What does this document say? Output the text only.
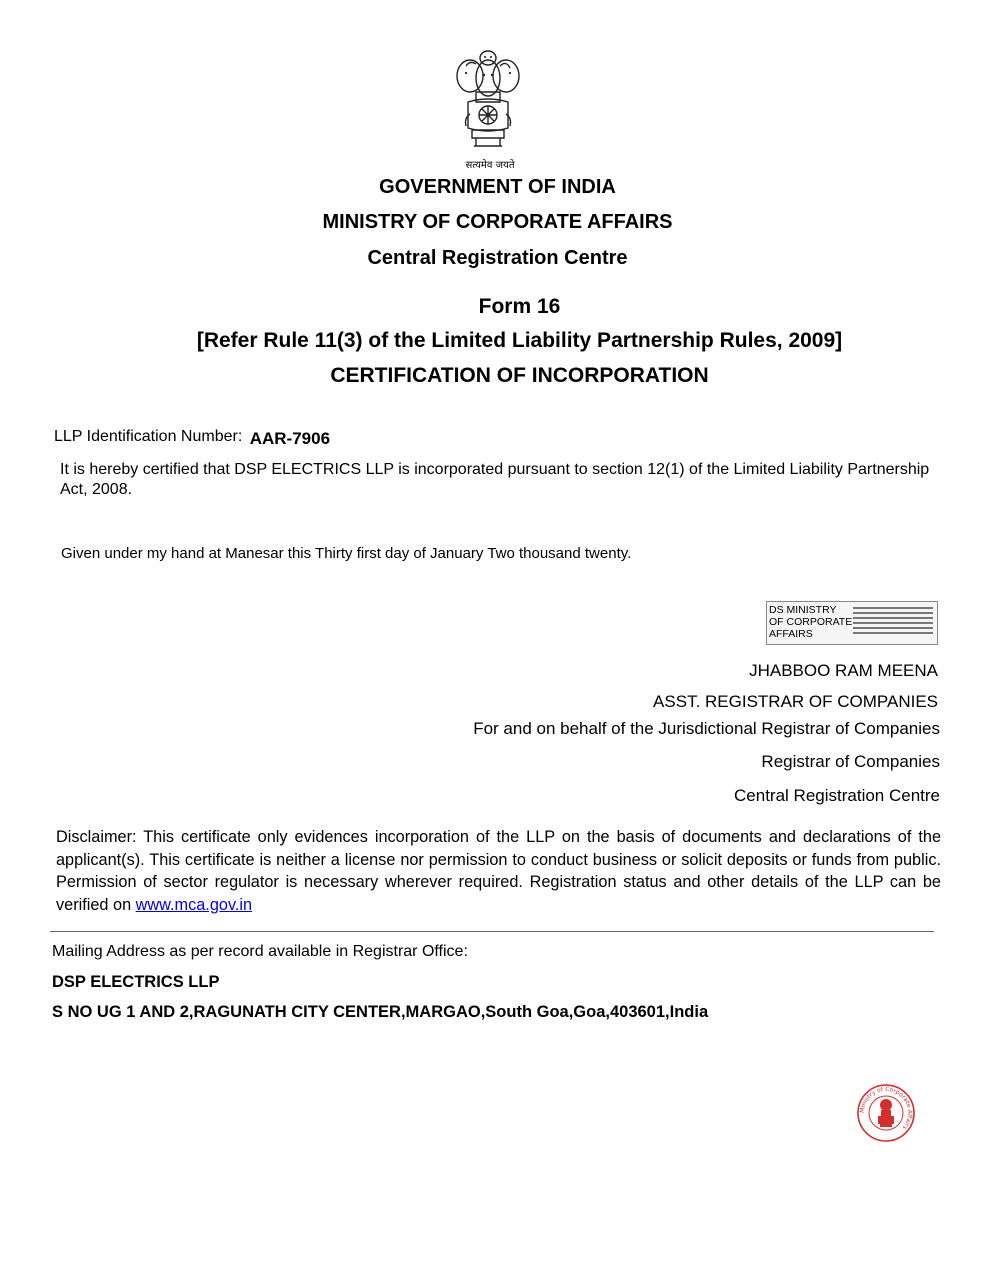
सत्यमेव जयते
GOVERNMENT OF INDIA
MINISTRY OF CORPORATE AFFAIRS
Central Registration Centre
Form 16
[Refer Rule 11(3) of the Limited Liability Partnership Rules, 2009]
CERTIFICATION OF INCORPORATION
LLP Identification Number: AAR-7906
It is hereby certified that DSP ELECTRICS LLP is incorporated pursuant to section 12(1) of the Limited Liability Partnership Act, 2008.
Given under my hand at Manesar this Thirty first day of January Two thousand twenty.
DS MINISTRY
OF CORPORATE
AFFAIRS
JHABBOO RAM MEENA
ASST. REGISTRAR OF COMPANIES
For and on behalf of the Jurisdictional Registrar of Companies
Registrar of Companies
Central Registration Centre
Disclaimer: This certificate only evidences incorporation of the LLP on the basis of documents and declarations of the applicant(s). This certificate is neither a license nor permission to conduct business or solicit deposits or funds from public. Permission of sector regulator is necessary wherever required. Registration status and other details of the LLP can be verified on www.mca.gov.in
Mailing Address as per record available in Registrar Office:
DSP ELECTRICS LLP
S NO UG 1 AND 2,RAGUNATH CITY CENTER,MARGAO,South Goa,Goa,403601,India
Ministry of Corporate Affairs
